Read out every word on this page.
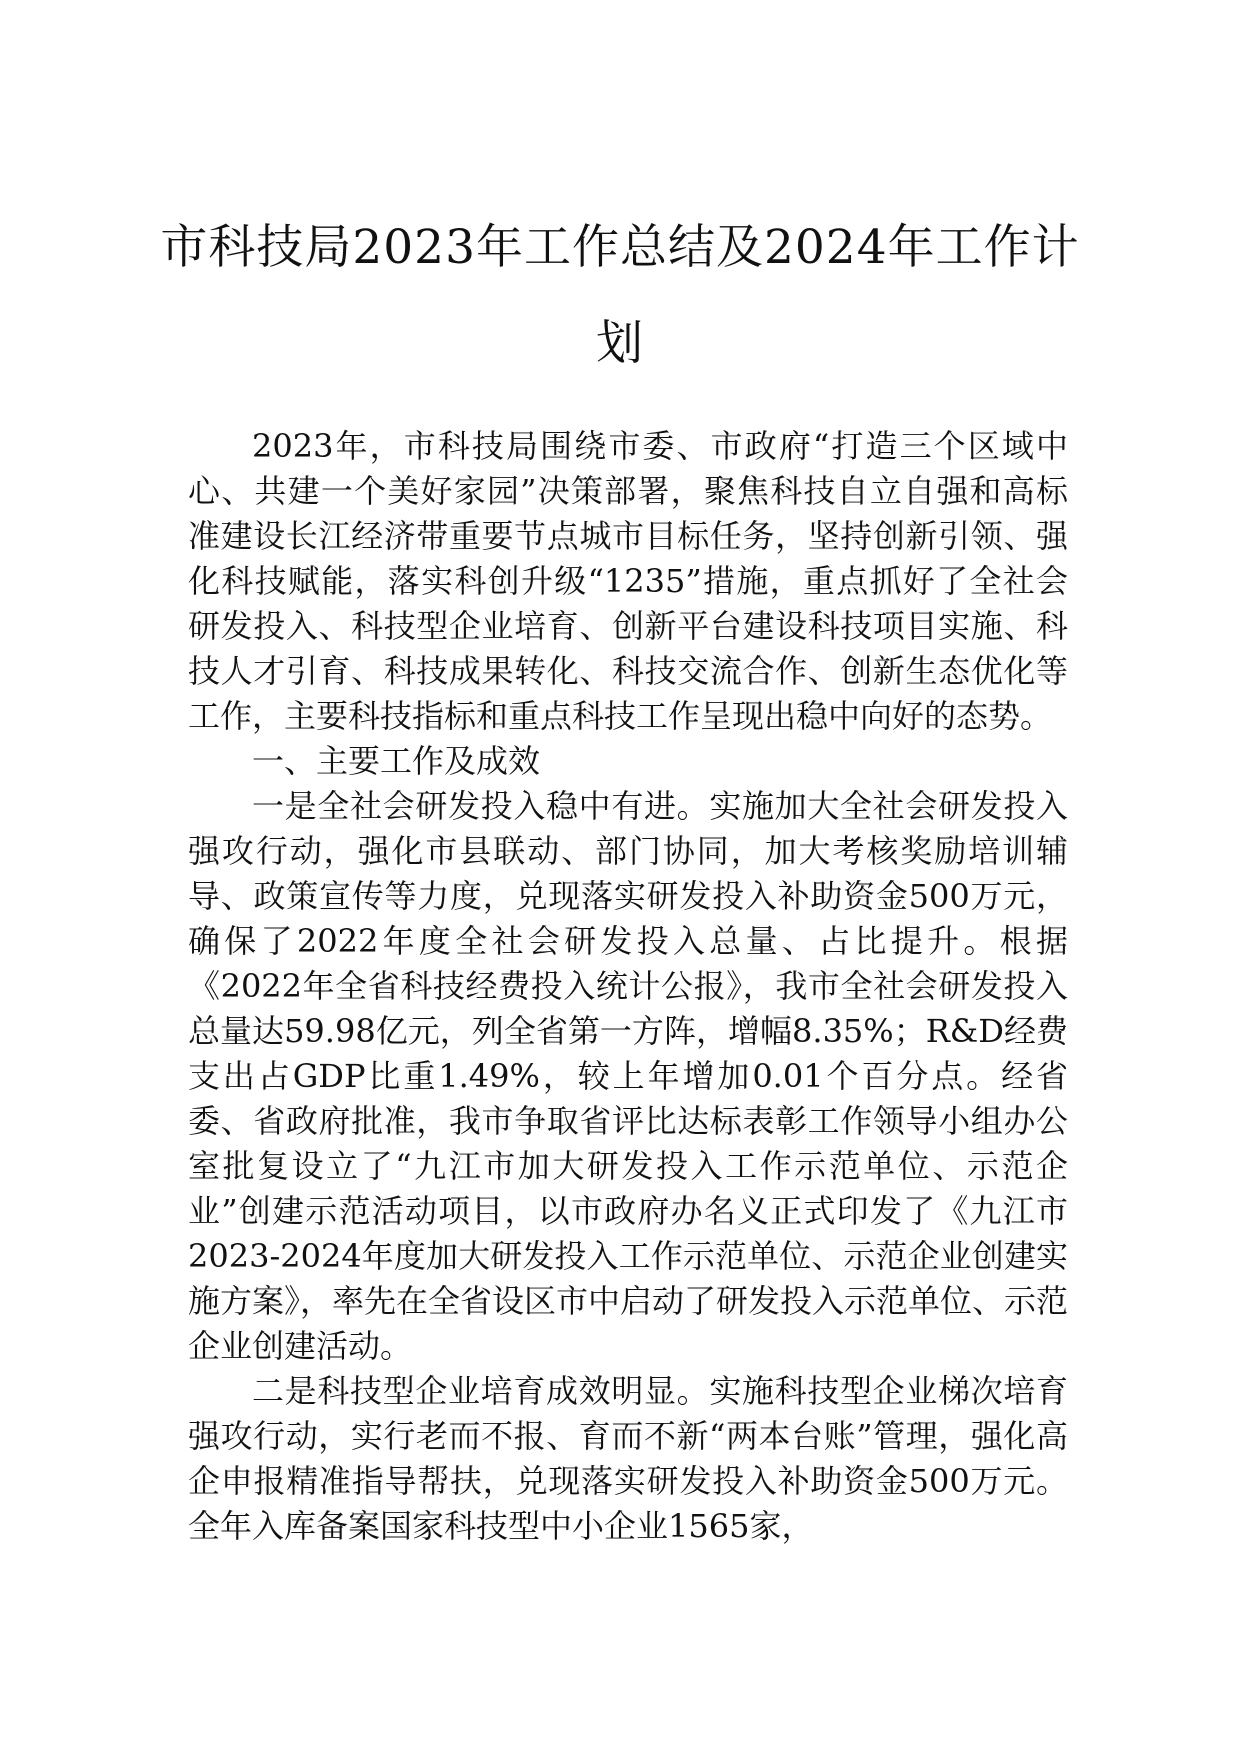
市科技局2023年工作总结及2024年工作计划

2023年，市科技局围绕市委、市政府“打造三个区域中心、共建一个美好家园”决策部署，聚焦科技自立自强和高标准建设长江经济带重要节点城市目标任务，坚持创新引领、强化科技赋能，落实科创升级“1235”措施，重点抓好了全社会研发投入、科技型企业培育、创新平台建设科技项目实施、科技人才引育、科技成果转化、科技交流合作、创新生态优化等工作，主要科技指标和重点科技工作呈现出稳中向好的态势。

一、主要工作及成效

一是全社会研发投入稳中有进。实施加大全社会研发投入强攻行动，强化市县联动、部门协同，加大考核奖励培训辅导、政策宣传等力度，兑现落实研发投入补助资金500万元，确保了2022年度全社会研发投入总量、占比提升。根据《2022年全省科技经费投入统计公报》，我市全社会研发投入总量达59.98亿元，列全省第一方阵，增幅8.35%；R&D经费支出占GDP比重1.49%，较上年增加0.01个百分点。经省委、省政府批准，我市争取省评比达标表彰工作领导小组办公室批复设立了“九江市加大研发投入工作示范单位、示范企业”创建示范活动项目，以市政府办名义正式印发了《九江市2023-2024年度加大研发投入工作示范单位、示范企业创建实施方案》，率先在全省设区市中启动了研发投入示范单位、示范企业创建活动。

二是科技型企业培育成效明显。实施科技型企业梯次培育强攻行动，实行老而不报、育而不新“两本台账”管理，强化高企申报精准指导帮扶，兑现落实研发投入补助资金500万元。全年入库备案国家科技型中小企业1565家，
